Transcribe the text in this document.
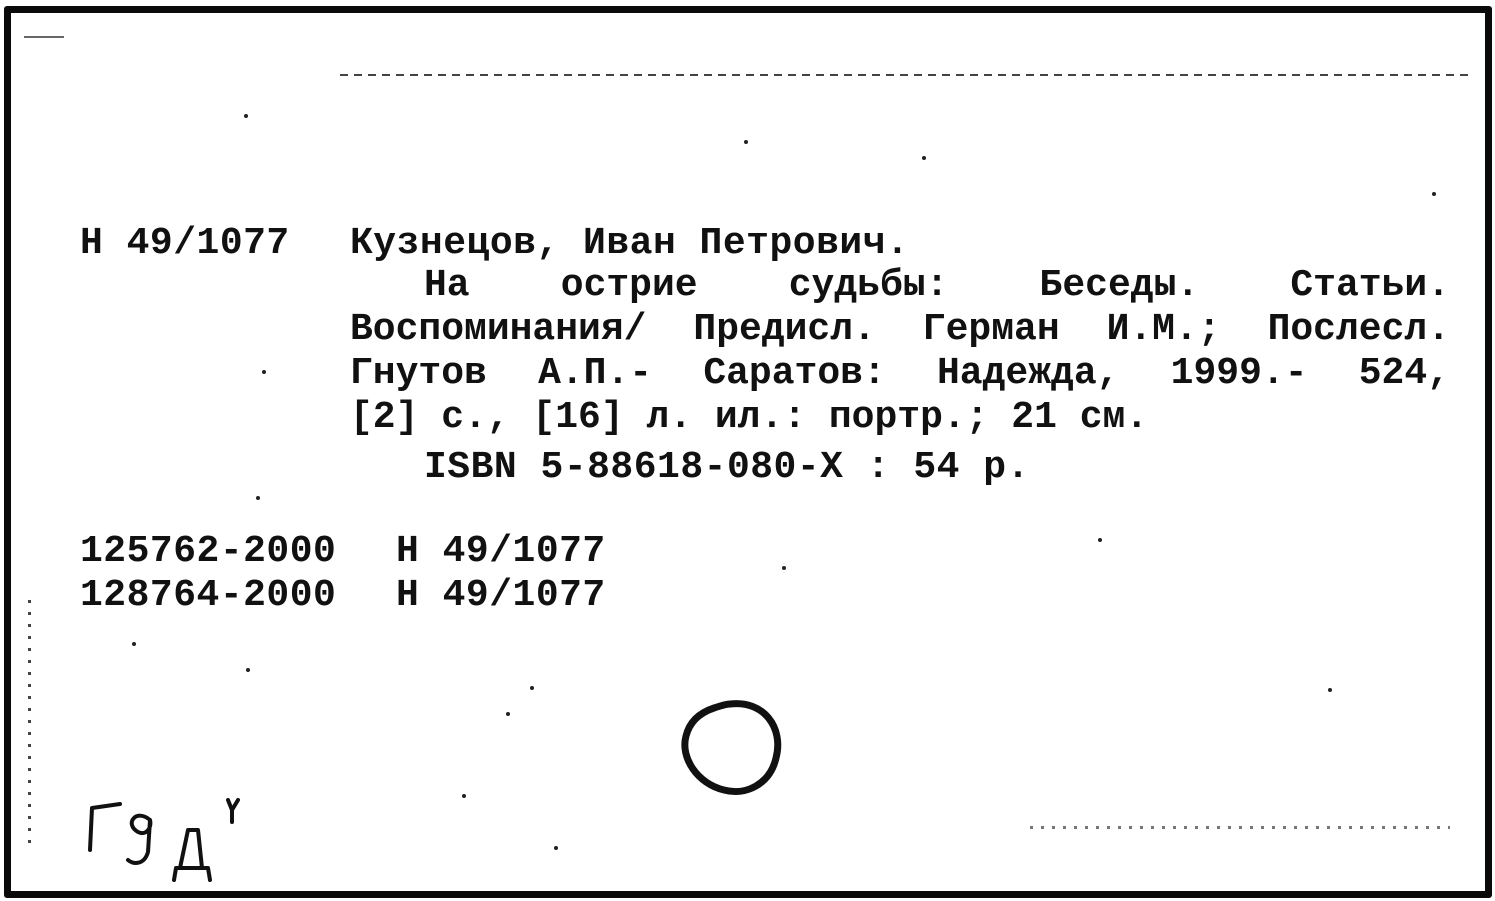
Н 49/1077 Кузнецов, Иван Петрович.
На острие судьбы: Беседы. Статьи.
Воспоминания/ Предисл. Герман И.М.; Послесл.
Гнутов А.П.- Саратов: Надежда, 1999.- 524,
[2] с., [16] л. ил.: портр.; 21 см.
ISBN 5-88618-080-X : 54 р.
125762-2000 Н 49/1077
128764-2000 Н 49/1077
